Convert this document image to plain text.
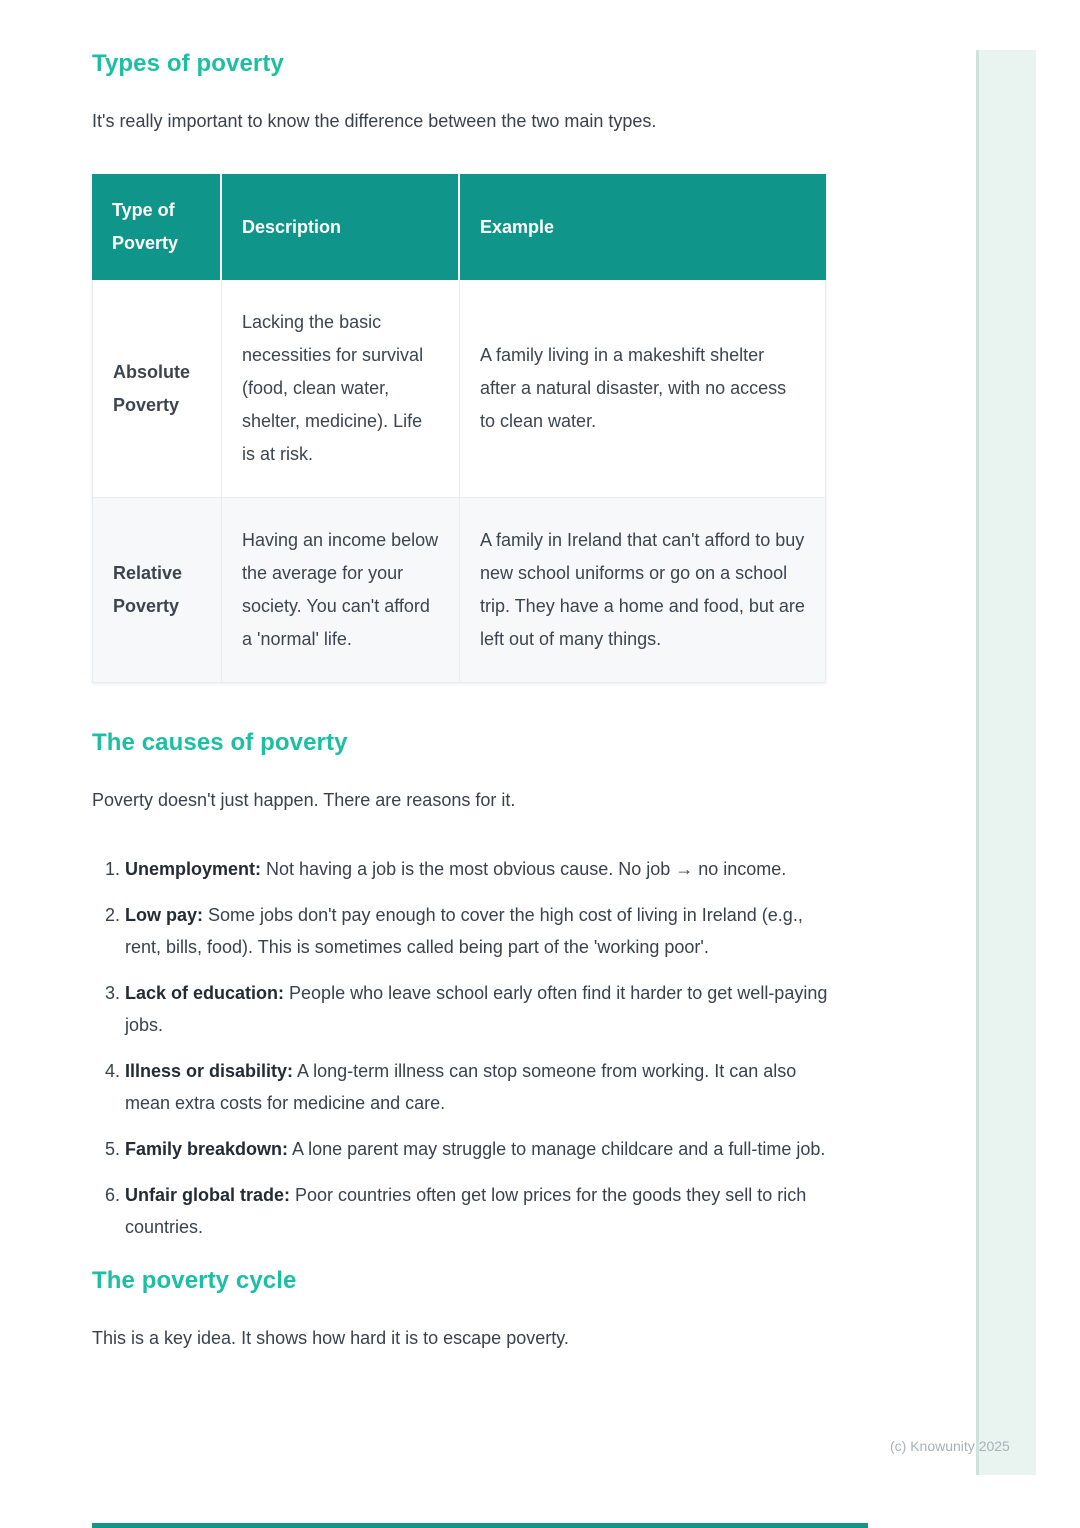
(c) Knowunity 2025
Types of poverty

It's really important to know the difference between the two main types.

Type of Poverty	Description	Example
Absolute Poverty	Lacking the basic necessities for survival (food, clean water, shelter, medicine). Life is at risk.	A family living in a makeshift shelter after a natural disaster, with no access to clean water.
Relative Poverty	Having an income below the average for your society. You can't afford a 'normal' life.	A family in Ireland that can't afford to buy new school uniforms or go on a school trip. They have a home and food, but are left out of many things.
The causes of poverty

Poverty doesn't just happen. There are reasons for it.

1. Unemployment: Not having a job is the most obvious cause. No job → no income.
2. Low pay: Some jobs don't pay enough to cover the high cost of living in Ireland (e.g., rent, bills, food). This is sometimes called being part of the 'working poor'.
3. Lack of education: People who leave school early often find it harder to get well-paying jobs.
4. Illness or disability: A long-term illness can stop someone from working. It can also mean extra costs for medicine and care.
5. Family breakdown: A lone parent may struggle to manage childcare and a full-time job.
6. Unfair global trade: Poor countries often get low prices for the goods they sell to rich countries.
The poverty cycle

This is a key idea. It shows how hard it is to escape poverty.
